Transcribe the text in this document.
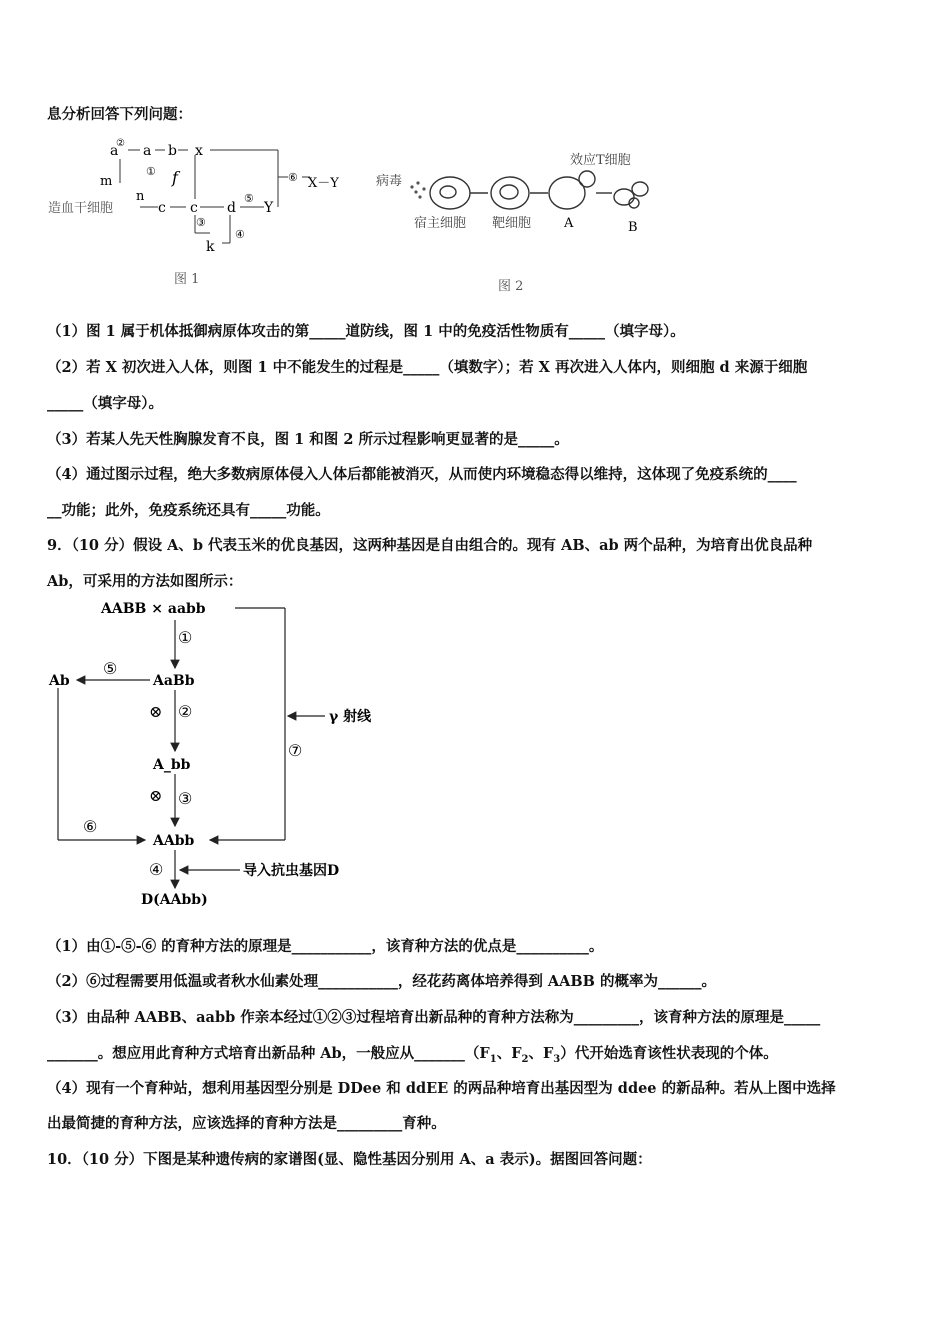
息分析回答下列问题：
a a b x
②
f
①
m
n
造血干细胞	c c d
⑤
Y
③
④
k
⑥ X－Y
图 1
效应T细胞
病毒
宿主细胞 靶细胞	A	B
图 2
（1）图 1 属于机体抵御病原体攻击的第_____道防线，图 1 中的免疫活性物质有_____（填字母）。
（2）若 X 初次进入人体，则图 1 中不能发生的过程是_____（填数字）；若 X 再次进入人体内，则细胞 d 来源于细胞
_____（填字母）。
（3）若某人先天性胸腺发育不良，图 1 和图 2 所示过程影响更显著的是_____。
（4）通过图示过程，绝大多数病原体侵入人体后都能被消灭，从而使内环境稳态得以维持，这体现了免疫系统的____
__功能；此外，免疫系统还具有_____功能。
9．（10 分）假设 A、b 代表玉米的优良基因，这两种基因是自由组合的。现有 AB、ab 两个品种，为培育出优良品种
Ab，可采用的方法如图所示：
AABB × aabb
AaBb
Ab
A_bb
AAbb
D(AAbb)
γ 射线
导入抗虫基因D
①
⑤
⊗ ②
⊗ ③
⑥
⑦
④
（1）由①-⑤-⑥ 的育种方法的原理是___________，该育种方法的优点是__________。
（2）⑥过程需要用低温或者秋水仙素处理___________，经花药离体培养得到 AABB 的概率为______。
（3）由品种 AABB、aabb 作亲本经过①②③过程培育出新品种的育种方法称为_________，该育种方法的原理是_____
_______。想应用此育种方式培育出新品种 Ab，一般应从$\_\_\_\_\_\_\_(F_1$、$F_2$、$F_3$）代开始选育该性状表现的个体。
（4）现有一个育种站，想利用基因型分别是 DDee 和 ddEE 的两品种培育出基因型为 ddee 的新品种。若从上图中选择
出最简捷的育种方法，应该选择的育种方法是_________育种。
10．（10 分）下图是某种遗传病的家谱图(显、隐性基因分别用 A、a 表示)。据图回答问题：
